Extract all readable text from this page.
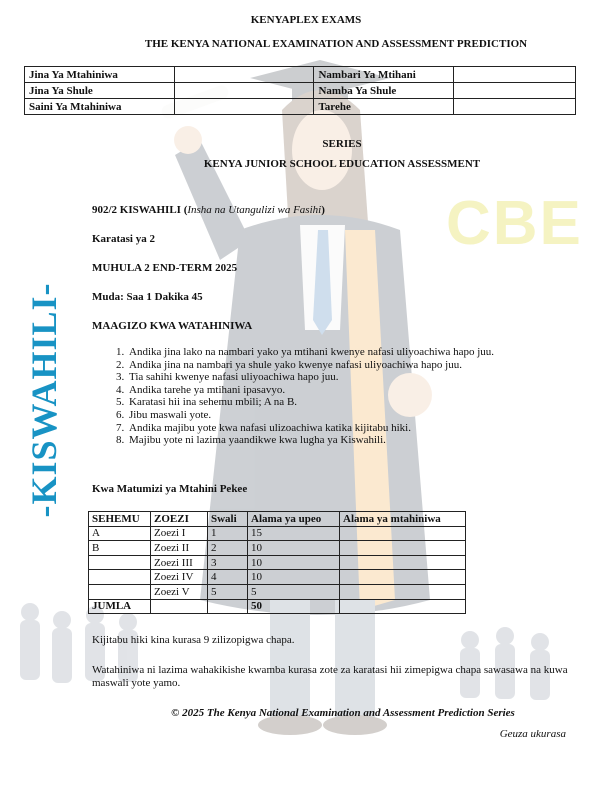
CBE
-KISWAHILI-
KENYAPLEX EXAMS
THE KENYA NATIONAL EXAMINATION AND ASSESSMENT PREDICTION
Jina Ya Mtahiniwa		Nambari Ya Mtihani	
Jina Ya Shule		Namba Ya Shule	
Saini Ya Mtahiniwa		Tarehe	
SERIES
KENYA JUNIOR SCHOOL EDUCATION ASSESSMENT
902/2 KISWAHILI (Insha na Utangulizi wa Fasihi)
Karatasi ya 2
MUHULA 2 END-TERM 2025
Muda: Saa 1 Dakika 45
MAAGIZO KWA WATAHINIWA
1. Andika jina lako na nambari yako ya mtihani kwenye nafasi uliyoachiwa hapo juu.
2. Andika jina na nambari ya shule yako kwenye nafasi uliyoachiwa hapo juu.
3. Tia sahihi kwenye nafasi uliyoachiwa hapo juu.
4. Andika tarehe ya mtihani ipasavyo.
5. Karatasi hii ina sehemu mbili; A na B.
6. Jibu maswali yote.
7. Andika majibu yote kwa nafasi ulizoachiwa katika kijitabu hiki.
8. Majibu yote ni lazima yaandikwe kwa lugha ya Kiswahili.
Kwa Matumizi ya Mtahini Pekee
SEHEMU	ZOEZI	Swali	Alama ya upeo	Alama ya mtahiniwa
A	Zoezi I	1	15	
B	Zoezi II	2	10	
	Zoezi III	3	10	
	Zoezi IV	4	10	
	Zoezi V	5	5	
JUMLA			50	
Kijitabu hiki kina kurasa 9 zilizopigwa chapa.
Watahiniwa ni lazima wahakikishe kwamba kurasa zote za karatasi hii zimepigwa chapa sawasawa na kuwa maswali yote yamo.
© 2025 The Kenya National Examination and Assessment Prediction Series
Geuza ukurasa
